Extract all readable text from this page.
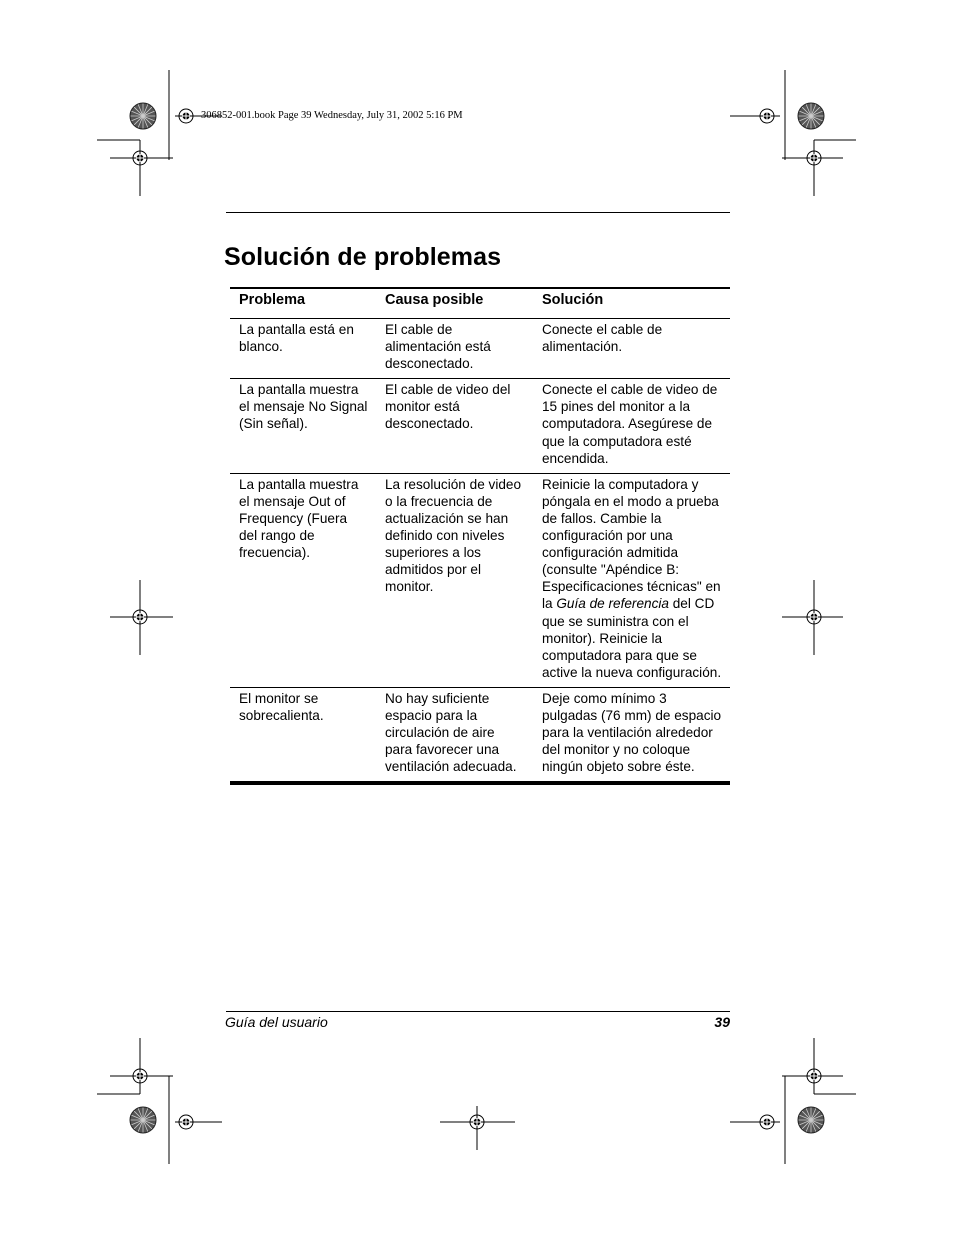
306852-001.book Page 39 Wednesday, July 31, 2002 5:16 PM
Solución de problemas
Problema	Causa posible	Solución
La pantalla está en blanco.	El cable de alimentación está desconectado.	Conecte el cable de alimentación.
La pantalla muestra el mensaje No Signal (Sin señal).	El cable de video del monitor está desconectado.	Conecte el cable de video de 15 pines del monitor a la computadora. Asegúrese de que la computadora esté encendida.
La pantalla muestra el mensaje Out of Frequency (Fuera del rango de frecuencia).	La resolución de video o la frecuencia de actualización se han definido con niveles superiores a los admitidos por el monitor.	Reinicie la computadora y póngala en el modo a prueba de fallos. Cambie la configuración por una configuración admitida (consulte "Apéndice B: Especificaciones técnicas" en la Guía de referencia del CD que se suministra con el monitor). Reinicie la computadora para que se active la nueva configuración.
El monitor se sobrecalienta.	No hay suficiente espacio para la circulación de aire para favorecer una ventilación adecuada.	Deje como mínimo 3 pulgadas (76 mm) de espacio para la ventilación alrededor del monitor y no coloque ningún objeto sobre éste.
Guía del usuario	39
